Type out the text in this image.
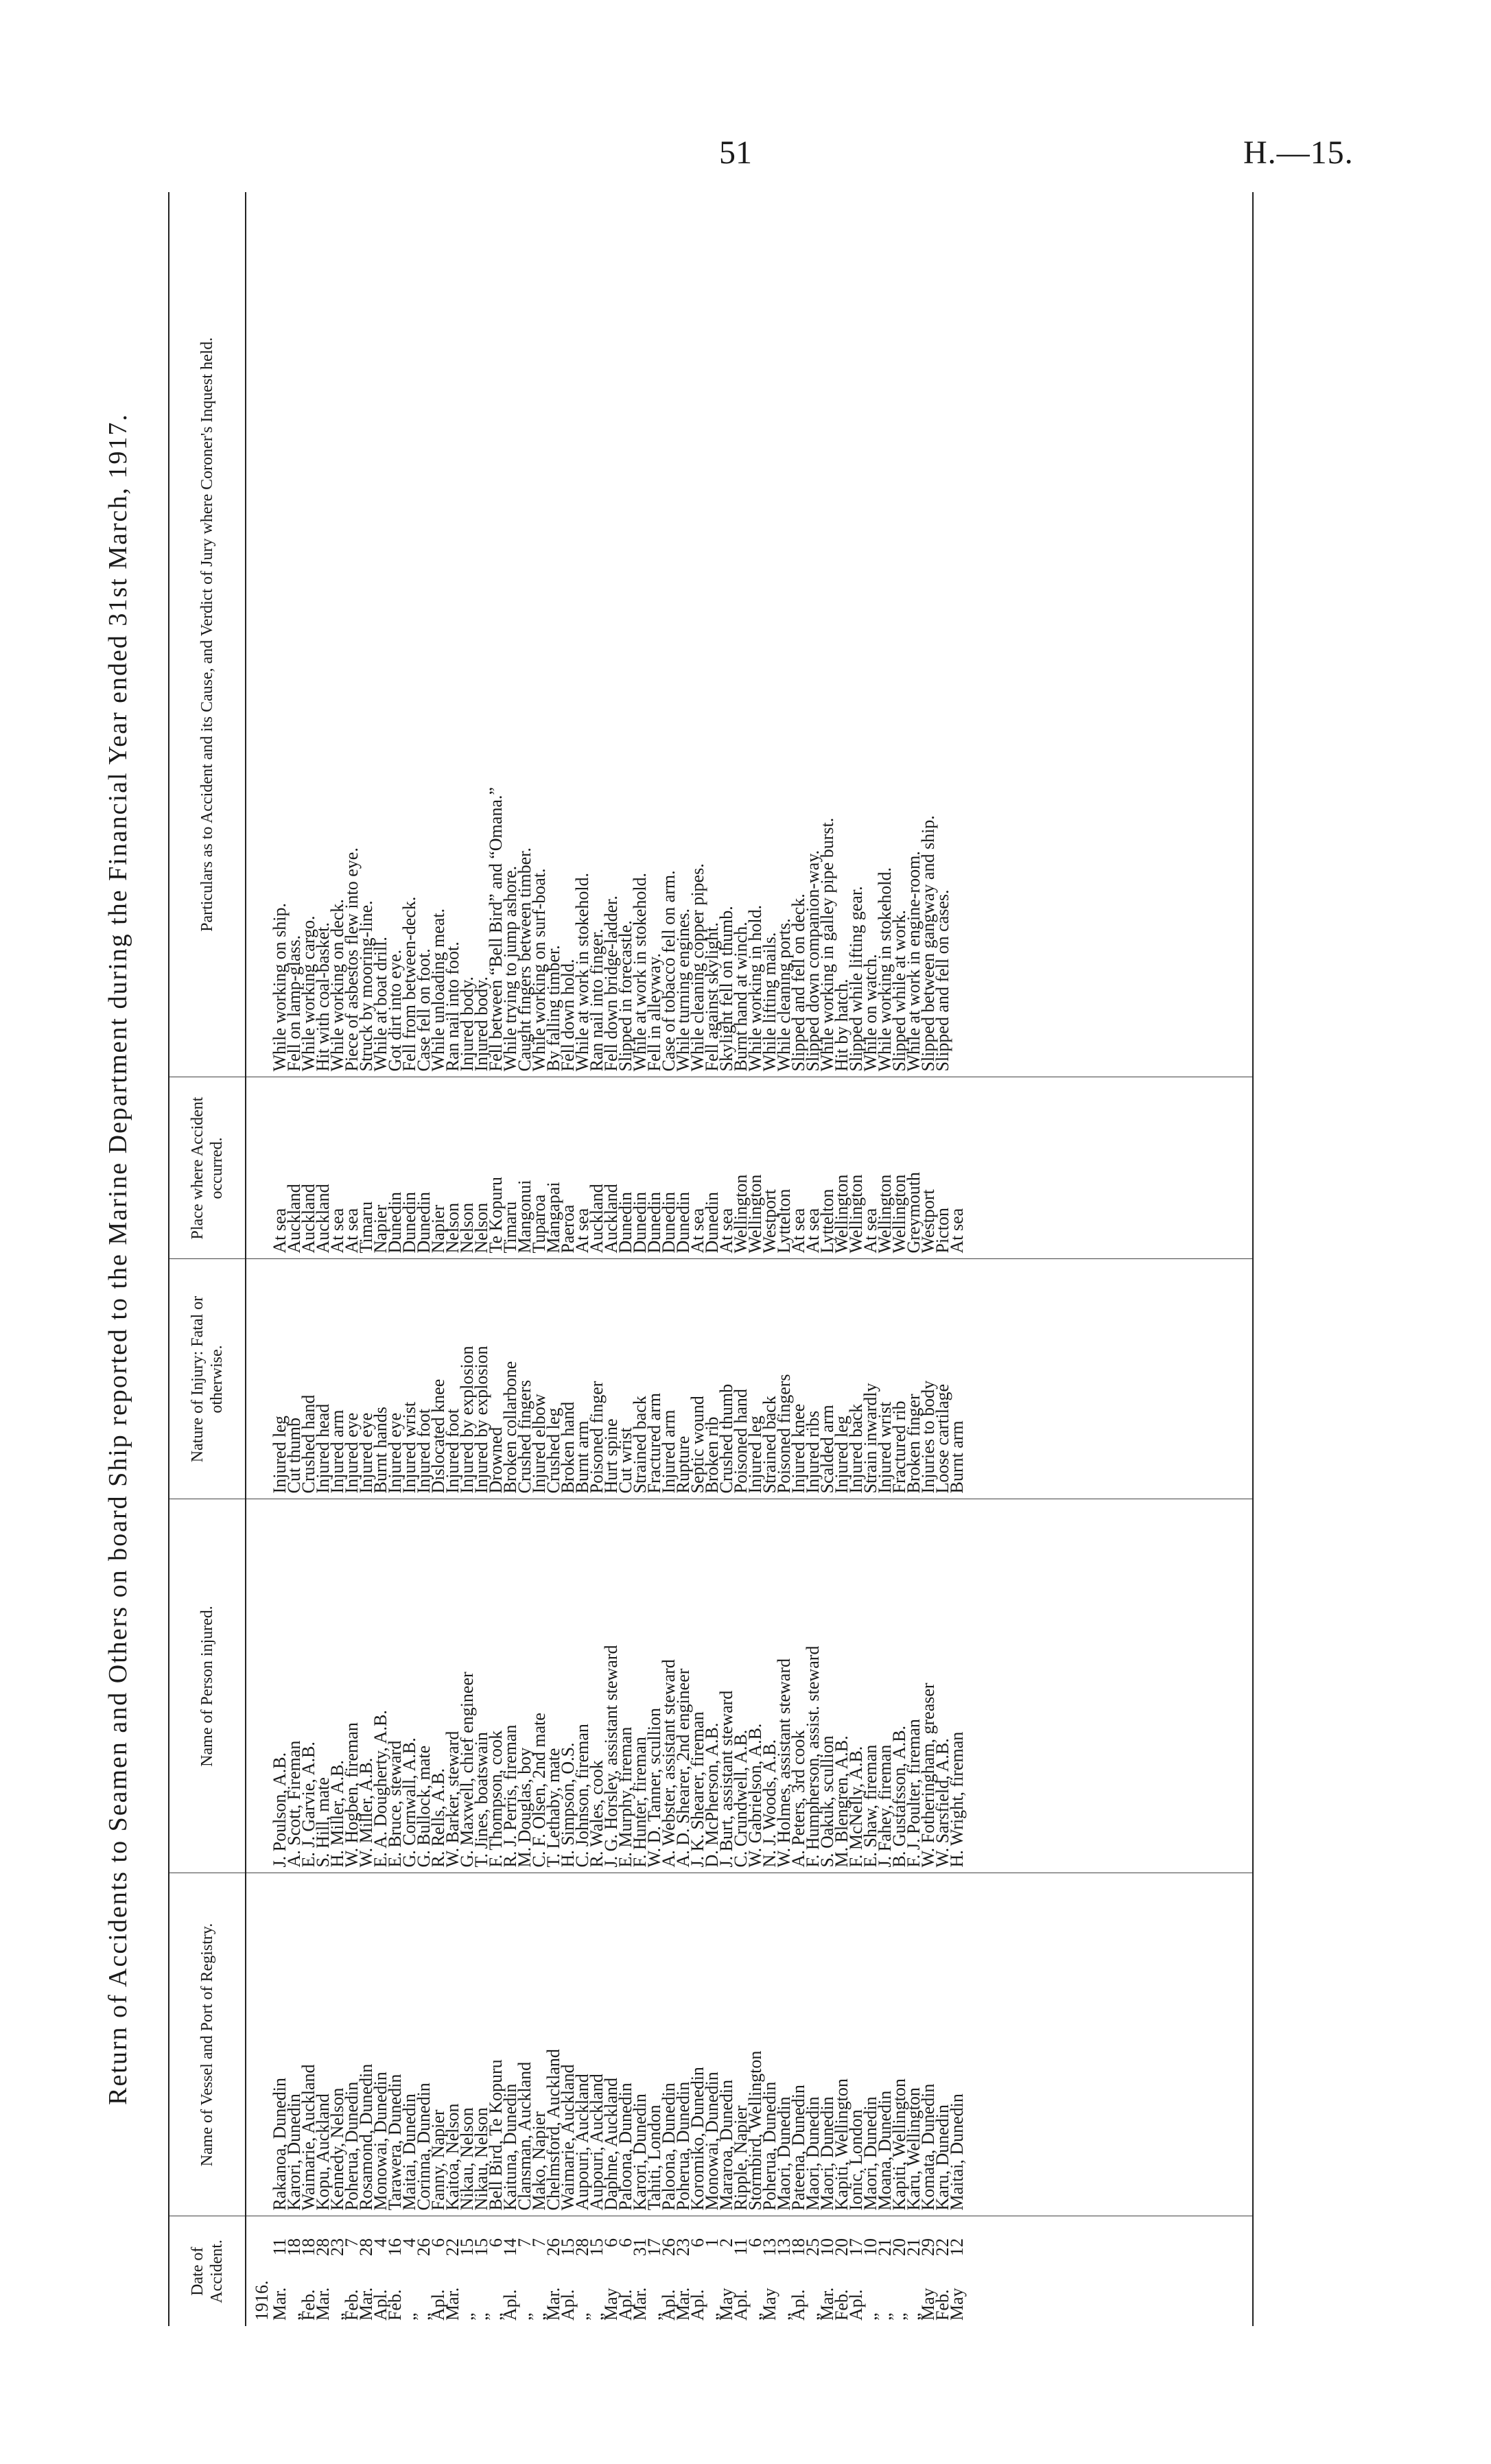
51	H.—15.
Return of Accidents to Seamen and Others on board Ship reported to the Marine Department during the Financial Year ended 31st March, 1917.
Date of Accident.	Name of Vessel and Port of Registry.	Name of Person injured.	Nature of Injury: Fatal or otherwise.	Place where Accident occurred.	Particulars as to Accident and its Cause, and Verdict of Jury where Coroner's Inquest held.
1916.					
Mar.11	Rakanoa, Dunedin	J. Poulson, A.B.	Injured leg	At sea	While working on ship.
„18	Karori, Dunedin	A. Scott, Fireman	Cut thumb	Auckland	Fell on lamp-glass.
Feb.18	Waimarie, Auckland	E. J. Garvie, A.B.	Crushed hand	Auckland	While working cargo.
Mar.28	Kopu, Auckland	S. Hill, mate	Injured head	Auckland	Hit with coal-basket.
„23	Kennedy, Nelson	H. Miller, A.B.	Injured arm	At sea	While working on deck.
Feb.7	Poherua, Dunedin	W. Hogben, fireman	Injured eye	At sea	Piece of asbestos flew into eye.
Mar.28	Rosamond, Dunedin	W. Miller, A.B.	Injured eye	Timaru	Struck by mooring-line.
Apl.4	Monowai, Dunedin	E. A. Dougherty, A.B.	Burnt hands	Napier	While at boat drill.
Feb.16	Tarawera, Dunedin	E. Bruce, steward	Injured eye	Dunedin	Got dirt into eye.
„4	Maitai, Dunedin	G. Cornwall, A.B.	Injured wrist	Dunedin	Fell from between-deck.
„26	Corinna, Dunedin	G. Bullock, mate	Injured foot	Dunedin	Case fell on foot.
Apl.6	Fanny, Napier	R. Rells, A.B.	Dislocated knee	Napier	While unloading meat.
Mar.22	Kaitoa, Nelson	W. Barker, steward	Injured foot	Nelson	Ran nail into foot.
„15	Nikau, Nelson	G. Maxwell, chief engineer	Injured by explosion	Nelson	Injured body.
„15	Nikau, Nelson	T. Jines, boatswain	Injured by explosion	Nelson	Injured body.
„6	Bell Bird, Te Kopuru	F. Thompson, cook	Drowned	Te Kopuru	Fell between “Bell Bird” and “Omana.”
Apl.14	Kaituna, Dunedin	R. J. Perris, fireman	Broken collarbone	Timaru	While trying to jump ashore.
„7	Clansman, Auckland	M. Douglas, boy	Crushed fingers	Mangonui	Caught fingers between timber.
„7	Mako, Napier	C. F. Olsen, 2nd mate	Injured elbow	Tuparoa	While working on surf-boat.
Mar.26	Chelmsford, Auckland	T. Lethaby, mate	Crushed leg	Mangapai	By falling timber.
Apl.15	Waimarie, Auckland	H. Simpson, O.S.	Broken hand	Paeroa	Fell down hold.
„28	Aupouri, Auckland	C. Johnson, fireman	Burnt arm	At sea	While at work in stokehold.
„15	Aupouri, Auckland	R. Wales, cook	Poisoned finger	Auckland	Ran nail into finger.
May6	Daphne, Auckland	J. G. Horsley, assistant steward	Hurt spine	Auckland	Fell down bridge-ladder.
Apl.6	Paloona, Dunedin	E. Murphy, fireman	Cut wrist	Dunedin	Slipped in forecastle.
Mar.31	Karori, Dunedin	F. Hunter, fireman	Strained back	Dunedin	While at work in stokehold.
„17	Tahiti, London	W. D. Tanner, scullion	Fractured arm	Dunedin	Fell in alleyway.
Apl.26	Paloona, Dunedin	A. Webster, assistant steward	Injured arm	Dunedin	Case of tobacco fell on arm.
Mar.23	Poherua, Dunedin	A. D. Shearer, 2nd engineer	Rupture	Dunedin	While turning engines.
Apl.6	Koromiko, Dunedin	J. K. Shearer, fireman	Septic wound	At sea	While cleaning copper pipes.
„1	Monowai, Dunedin	D. McPherson, A.B.	Broken rib	Dunedin	Fell against skylight.
May2	Mararoa, Dunedin	J. Burt, assistant steward	Crushed thumb	At sea	Skylight fell on thumb.
Apl.11	Ripple, Napier	C. Crundwell, A.B.	Poisoned hand	Wellington	Burnt hand at winch.
„6	Stormbird, Wellington	W. Gabrielson, A.B.	Injured leg	Wellington	While working in hold.
May13	Poherua, Dunedin	N. J. Woods, A.B.	Strained back	Westport	While lifting mails.
„13	Maori, Dunedin	W. Holmes, assistant steward	Poisoned fingers	Lyttelton	While cleaning ports.
Apl.18	Pateena, Dunedin	A. Peters, 3rd cook	Injured knee	At sea	Slipped and fell on deck.
„25	Maori, Dunedin	F. Humpherson, assist. steward	Injured ribs	At sea	Slipped down companion-way.
Mar.10	Maori, Dunedin	S. Oakuk, scullion	Scalded arm	Lyttelton	While working in galley pipe burst.
Feb.20	Kapiti, Wellington	M. Blengren, A.B.	Injured leg	Wellington	Hit by hatch.
Apl.17	Ionic, London	F. McNelly, A.B.	Injured back	Wellington	Slipped while lifting gear.
„10	Maori, Dunedin	E. Shaw, fireman	Strain inwardly	At sea	While on watch.
„21	Moana, Dunedin	J. Fahey, fireman	Injured wrist	Wellington	While working in stokehold.
„20	Kapiti, Wellington	B. Gustafsson, A.B.	Fractured rib	Wellington	Slipped while at work.
„21	Karu, Wellington	F. J. Poulter, fireman	Broken finger	Greymouth	While at work in engine-room.
May29	Komata, Dunedin	W. Fotheringham, greaser	Injuries to body	Westport	Slipped between gangway and ship.
Feb.22	Karu, Dunedin	W. Sarsfield, A.B.	Loose cartilage	Picton	Slipped and fell on cases.
May12	Maitai, Dunedin	H. Wright, fireman	Burnt arm	At sea	
